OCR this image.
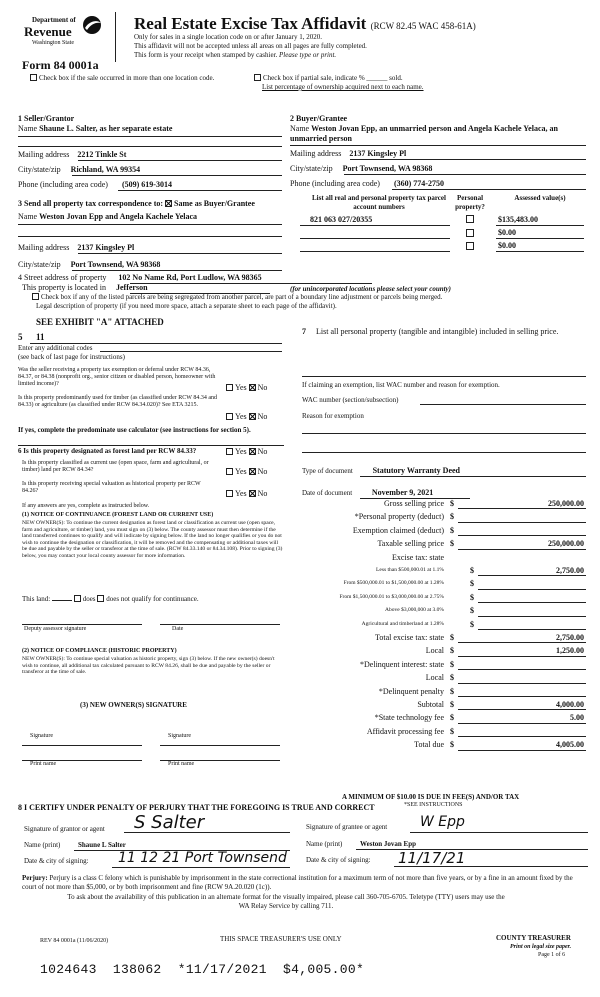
Department of
Revenue
Washington State
Real Estate Excise Tax Affidavit (RCW 82.45 WAC 458-61A)
Only for sales in a single location code on or after January 1, 2020.
This affidavit will not be accepted unless all areas on all pages are fully completed.
This form is your receipt when stamped by cashier. Please type or print.
Form 84 0001a
Check box if the sale occurred in more than one location code.	Check box if partial sale, indicate % ______ sold.
List percentage of ownership acquired next to each name.
1 Seller/Grantor
Name Shaune L. Salter, as her separate estate
Mailing address 2212 Tinkle St
City/state/zip Richland, WA 99354
Phone (including area code) (509) 619-3014
2 Buyer/Grantee
Name Weston Jovan Epp, an unmarried person and Angela Kachele Yelaca, an unmarried person
Mailing address 2137 Kingsley Pl
City/state/zip Port Townsend, WA 98368
Phone (including area code) (360) 774-2750
3 Send all property tax correspondence to: Same as Buyer/Grantee
Name Weston Jovan Epp and Angela Kachele Yelaca
Mailing address 2137 Kingsley Pl
City/state/zip Port Townsend, WA 98368
List all real and personal property tax parcel account numbers
Personal property?
Assessed value(s)
821 063 027/20355	$135,483.00
$0.00
$0.00
4 Street address of property 102 No Name Rd, Port Ludlow, WA 98365
This property is located in Jefferson	(for unincorporated locations please select your county)
Check box if any of the listed parcels are being segregated from another parcel, are part of a boundary line adjustment or parcels being merged.
Legal description of property (if you need more space, attach a separate sheet to each page of the affidavit).
SEE EXHIBIT "A" ATTACHED
5 11
Enter any additional codes
(see back of last page for instructions)
Was the seller receiving a property tax exemption or deferral under RCW 84.36, 84.37, or 84.38 (nonprofit org., senior citizen or disabled person, homeowner with limited income)?	Yes No
Is this property predominantly used for timber (as classified under RCW 84.34 and 84.33) or agriculture (as classified under RCW 84.34.020)? See ETA 3215.
Yes No
If yes, complete the predominate use calculator (see instructions for section 5).
6 Is this property designated as forest land per RCW 84.33?	Yes No
Is this property classified as current use (open space, farm and agricultural, or timber) land per RCW 84.34?	Yes No
Is this property receiving special valuation as historical property per RCW 84.26?	Yes No
If any answers are yes, complete as instructed below.
(1) NOTICE OF CONTINUANCE (FOREST LAND OR CURRENT USE)
NEW OWNER(S): To continue the current designation as forest land or classification as current use (open space, farm and agriculture, or timber) land, you must sign on (3) below. The county assessor must then determine if the land transferred continues to qualify and will indicate by signing below. If the land no longer qualifies or you do not wish to continue the designation or classification, it will be removed and the compensating or additional taxes will be due and payable by the seller or transferor at the time of sale. (RCW 84.33.140 or 84.34.108). Prior to signing (3) below, you may contact your local county assessor for more information.
This land:	does does not qualify for continuance.
Deputy assessor signature	Date
(2) NOTICE OF COMPLIANCE (HISTORIC PROPERTY)
NEW OWNER(S): To continue special valuation as historic property, sign (3) below. If the new owner(s) doesn't wish to continue, all additional tax calculated pursuant to RCW 84.26, shall be due and payable by the seller or transferor at the time of sale.
(3) NEW OWNER(S) SIGNATURE
Signature	Signature
Print name	Print name
7 List all personal property (tangible and intangible) included in selling price.
If claiming an exemption, list WAC number and reason for exemption.
WAC number (section/subsection)
Reason for exemption
Type of document Statutory Warranty Deed
Date of document November 9, 2021
Gross selling price $	250,000.00
*Personal property (deduct) $
Exemption claimed (deduct) $
Taxable selling price $	250,000.00
Excise tax: state
Less than $500,000.01 at 1.1%	$	2,750.00
From $500,000.01 to $1,500,000.00 at 1.28%	$
From $1,500,000.01 to $3,000,000.00 at 2.75%	$
Above $3,000,000 at 3.0%	$
Agricultural and timberland at 1.28%	$
Total excise tax: state $	2,750.00
Local $	1,250.00
*Delinquent interest: state $
Local $
*Delinquent penalty $
Subtotal $	4,000.00
*State technology fee $	5.00
Affidavit processing fee $
Total due $	4,005.00
A MINIMUM OF $10.00 IS DUE IN FEE(S) AND/OR TAX
*SEE INSTRUCTIONS
8 I CERTIFY UNDER PENALTY OF PERJURY THAT THE FOREGOING IS TRUE AND CORRECT
Signature of grantor or agent S Salter
Name (print)	Shaune L Salter
Date & city of signing: 11 12 21 Port Townsend
Signature of grantee or agent W Epp
Name (print)	Weston Jovan Epp
Date & city of signing: 11/17/21
Perjury: Perjury is a class C felony which is punishable by imprisonment in the state correctional institution for a maximum term of not more than five years, or by a fine in an amount fixed by the court of not more than $5,000, or by both imprisonment and fine (RCW 9A.20.020 (1c)).
To ask about the availability of this publication in an alternate format for the visually impaired, please call 360-705-6705. Teletype (TTY) users may use the WA Relay Service by calling 711.
REV 84 0001a (11/06/2020)	THIS SPACE TREASURER'S USE ONLY	COUNTY TREASURER
Print on legal size paper.
Page 1 of 6
1024643  138062  *11/17/2021  $4,005.00*
